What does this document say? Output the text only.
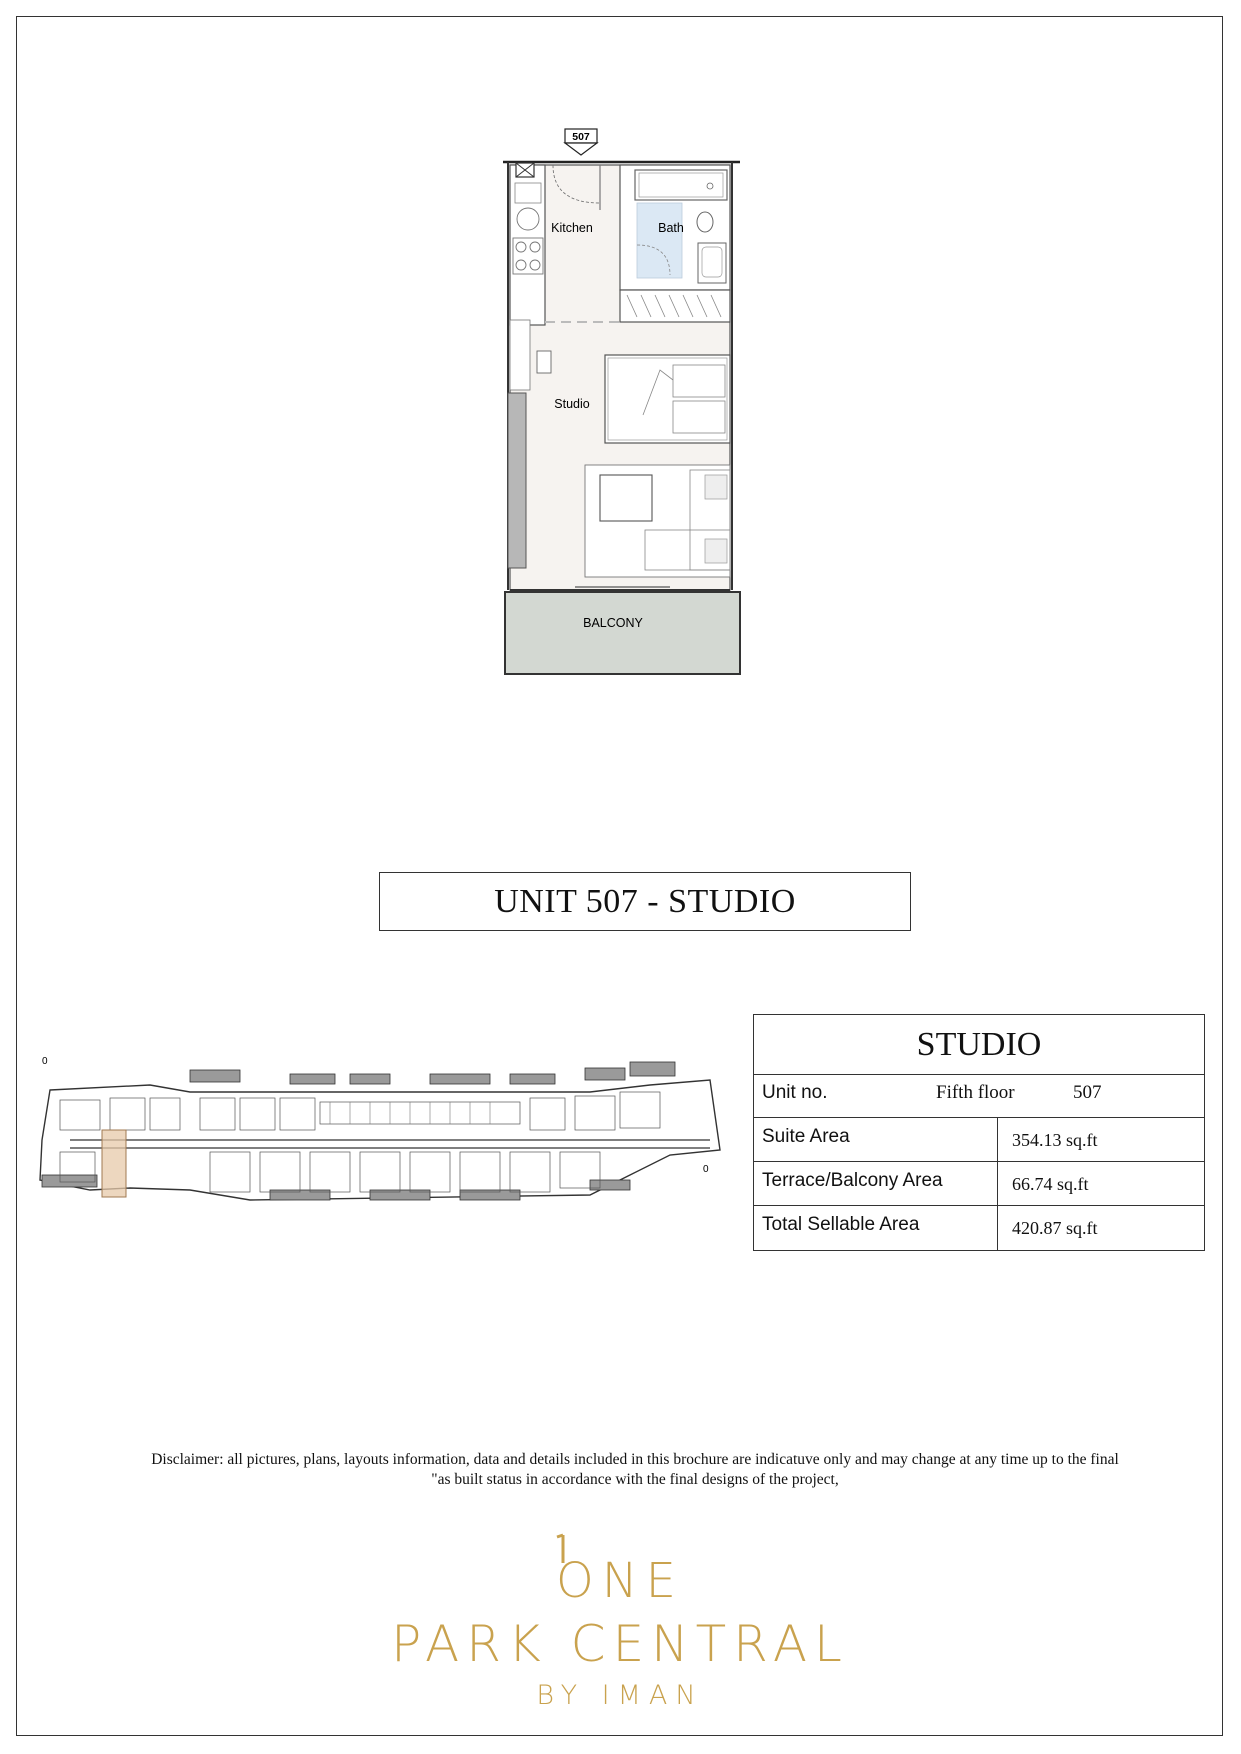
507
Kitchen	Bath
Studio
BALCONY
UNIT 507 - STUDIO
0
0
STUDIO
Unit no.	Fifth floor	507
Suite Area	354.13 sq.ft
Terrace/Balcony Area	66.74 sq.ft
Total Sellable Area	420.87 sq.ft
Disclaimer: all pictures, plans, layouts information, data and details included in this brochure are indicatuve only and may change at any time up to the final
"as built status in accordance with the final designs of the project,
ONE
PARK CENTRAL
BY IMAN
